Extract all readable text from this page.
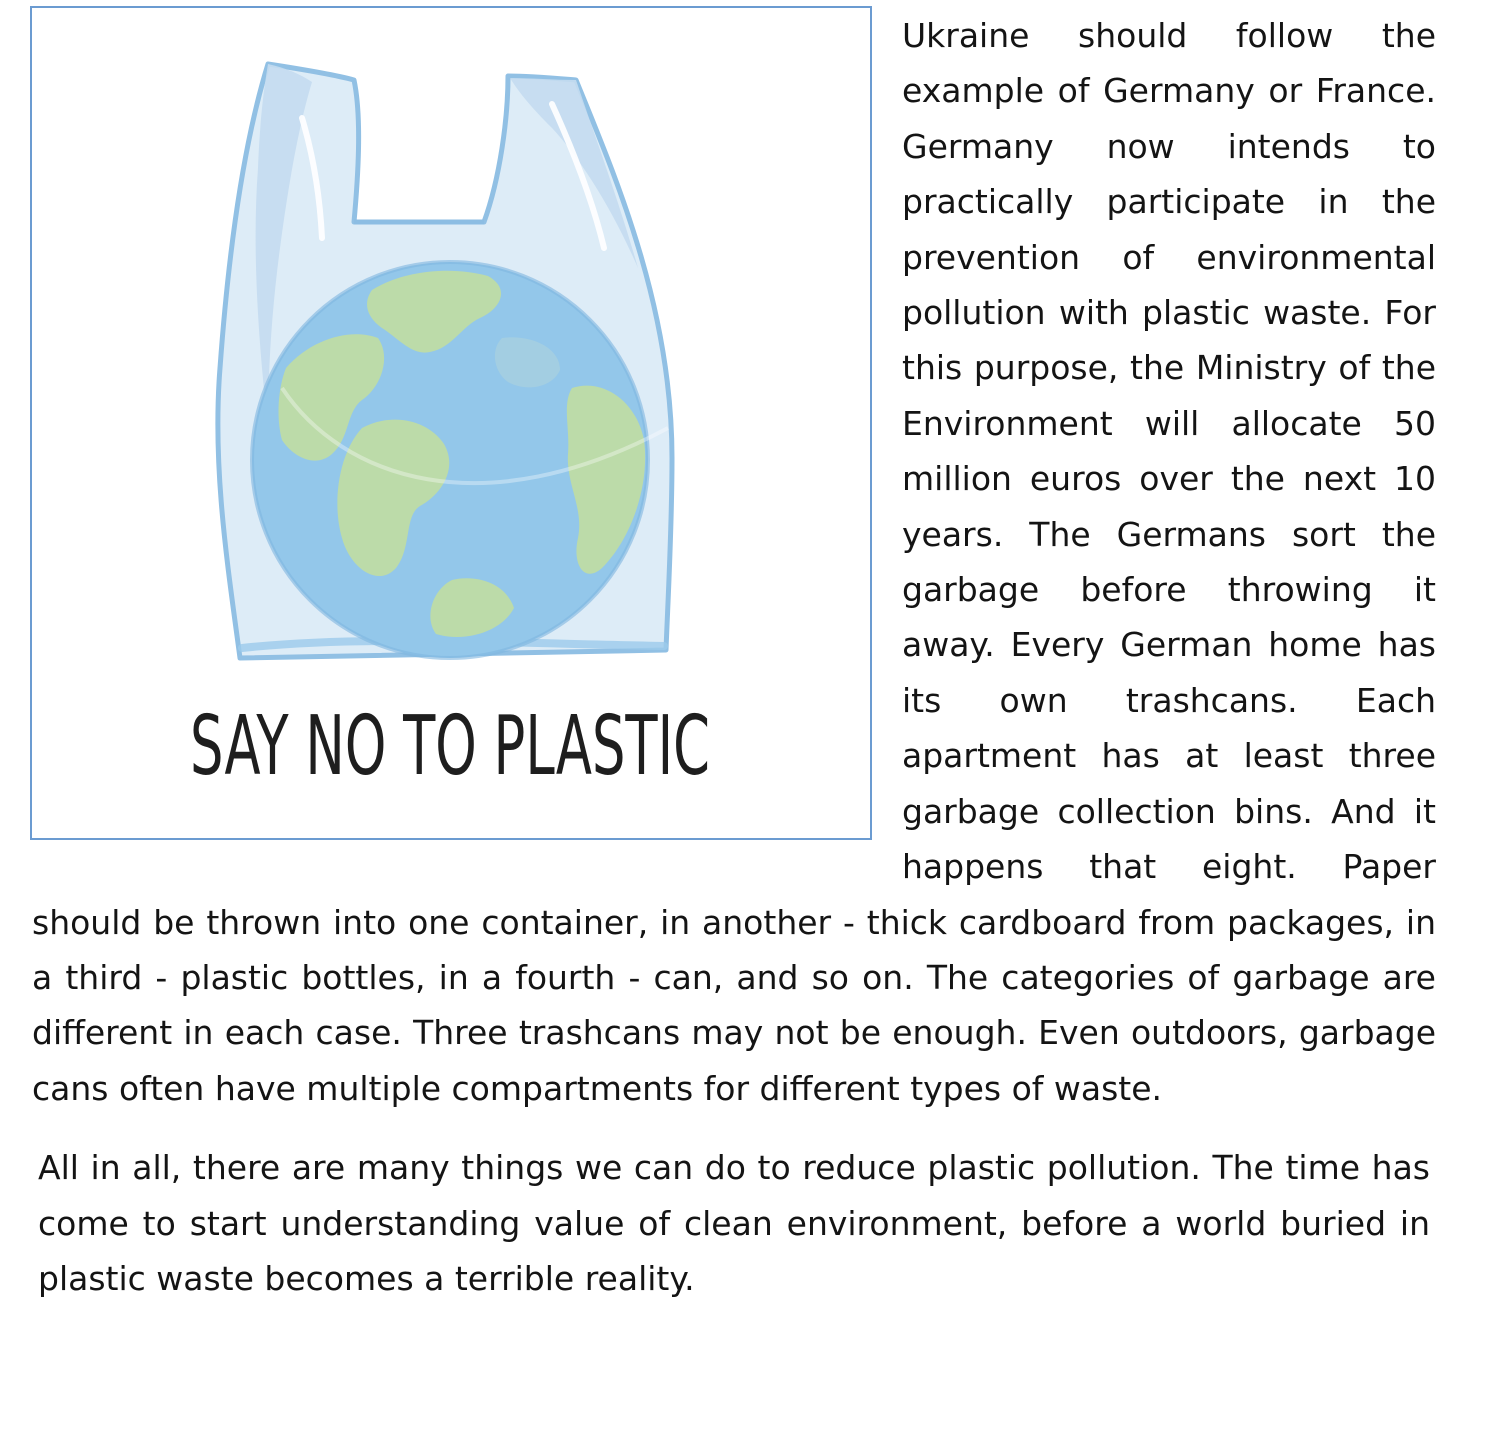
SAY NO TO PLASTIC

Ukraine should follow the example of Germany or France. Germany now intends to practically participate in the prevention of environmental pollution with plastic waste. For this purpose, the Ministry of the Environment will allocate 50 million euros over the next 10 years. The Germans sort the garbage before throwing it away. Every German home has its own trashcans. Each apartment has at least three garbage collection bins. And it happens that eight. Paper should be thrown into one container, in another - thick cardboard from packages, in a third - plastic bottles, in a fourth - can, and so on. The categories of garbage are different in each case. Three trashcans may not be enough. Even outdoors, garbage cans often have multiple compartments for different types of waste.

All in all, there are many things we can do to reduce plastic pollution. The time has come to start understanding value of clean environment, before a world buried in plastic waste becomes a terrible reality.
